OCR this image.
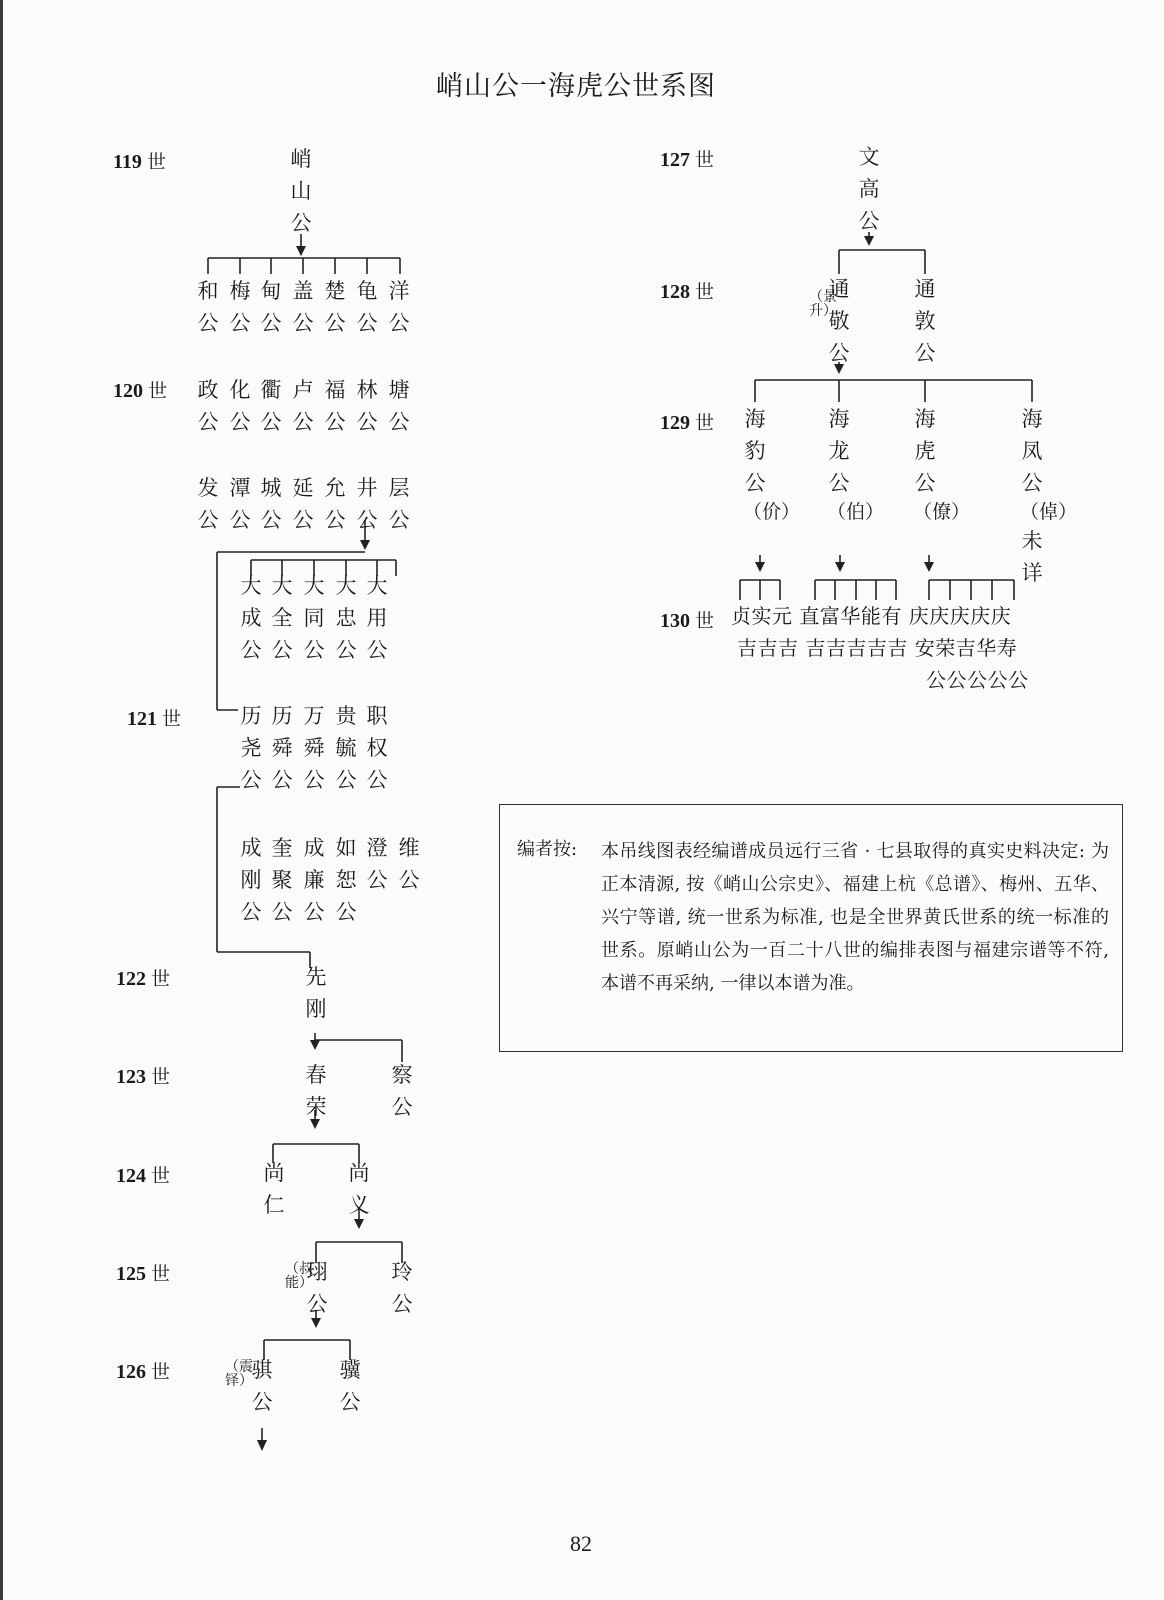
峭山公一海虎公世系图
119 世
120 世
121 世
122 世
123 世
124 世
125 世
126 世
127 世
128 世
129 世
130 世
峭山公
和公
梅公
甸公
盖公
楚公
龟公
洋公
政公
化公
衢公
卢公
福公
林公
塘公
发公
潭公
城公
延公
允公
井公
层公
大成公
大全公
大同公
大忠公
大用公
历尧公
历舜公
万舜公
贵毓公
职权公
成刚公
奎聚公
成廉公
如恕公
澄公
维公
先刚
春荣
察公
尚仁
尚义
（叔能）
珝公
玲公
（震铎）
骐公
骥公
文高公
（景升）
通敬公
通敦公
海豹公
（价）
海龙公
（伯）
海虎公
（僚）
海凤公
（倬）
未详
贞实元 直富华能有 庆庆庆庆庆
吉吉吉 吉吉吉吉吉 安荣吉华寿
公公公公公
编者按: 本吊线图表经编谱成员远行三省 · 七县取得的真实史料决定: 为正本清源, 按《峭山公宗史》、福建上杭《总谱》、梅州、五华、兴宁等谱, 统一世系为标准, 也是全世界黄氏世系的统一标准的世系。原峭山公为一百二十八世的编排表图与福建宗谱等不符, 本谱不再采纳, 一律以本谱为准。
82
